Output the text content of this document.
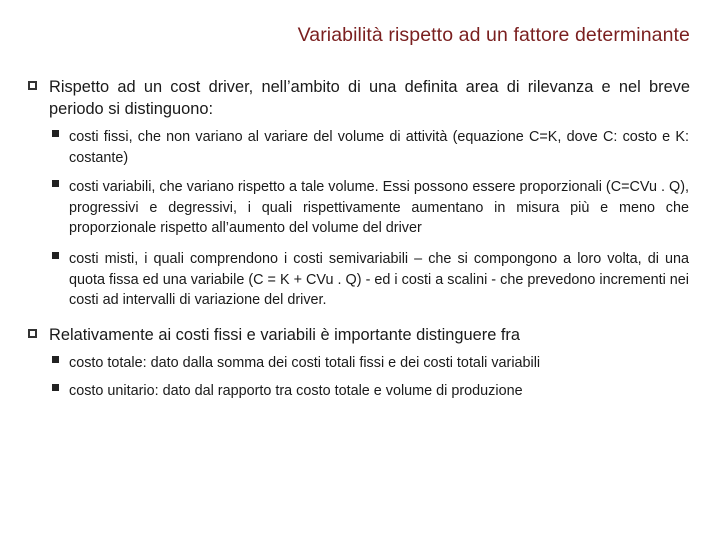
Variabilità rispetto ad un fattore determinante
Rispetto ad un cost driver, nell’ambito di una definita area di rilevanza e nel breve periodo si distinguono:
costi fissi, che non variano al variare del volume di attività (equazione C=K, dove C: costo e K: costante)
costi variabili, che variano rispetto a tale volume. Essi possono essere proporzionali (C=CVu . Q), progressivi e degressivi, i quali rispettivamente aumentano in misura più e meno che proporzionale rispetto all’aumento del volume del driver
costi misti, i quali comprendono i costi semivariabili – che si compongono a loro volta, di una quota fissa ed una variabile (C = K + CVu . Q) - ed i costi a scalini - che prevedono incrementi nei costi ad intervalli di variazione del driver.
Relativamente ai costi fissi e variabili è importante distinguere fra
costo totale: dato dalla somma dei costi totali fissi e dei costi totali variabili
costo unitario: dato dal rapporto tra costo totale e volume di produzione
